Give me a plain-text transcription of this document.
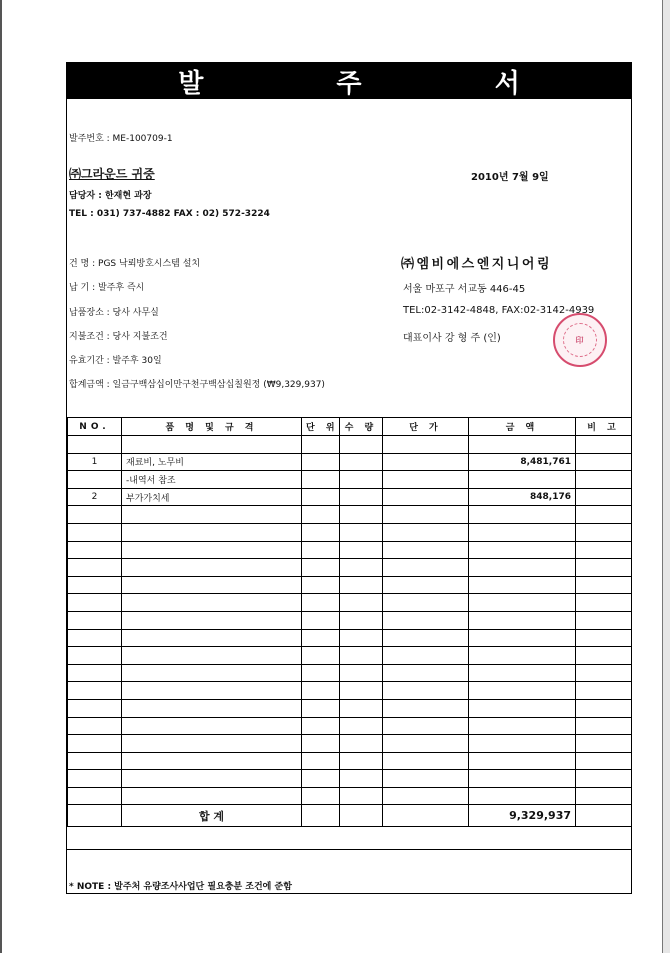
발 주 서
발주번호 : ME-100709-1
㈜그라운드 귀중	2010년 7월 9일
담당자 : 한재현 과장
TEL : 031) 737-4882 FAX : 02) 572-3224
건 명 : PGS 낙뢰방호시스템 설치
납 기 : 발주후 즉시
납품장소 : 당사 사무실
지불조건 : 당사 지불조건
유효기간 : 발주후 30일
합계금액 : 일금구백삼십이만구천구백삼십칠원정 (₩9,329,937)
㈜엠비에스엔지니어링
서울 마포구 서교동 446-45
TEL:02-3142-4848, FAX:02-3142-4939
대표이사 강 형 주 (인)	印
NO.	품 명 및 규 격	단 위	수 량	단 가	금 액	비 고

1	재료비, 노무비				8,481,761	
	-내역서 참조					
2	부가가치세				848,176	

	합 계				9,329,937	
* NOTE : 발주처 유량조사사업단 필요충분 조건에 준함
